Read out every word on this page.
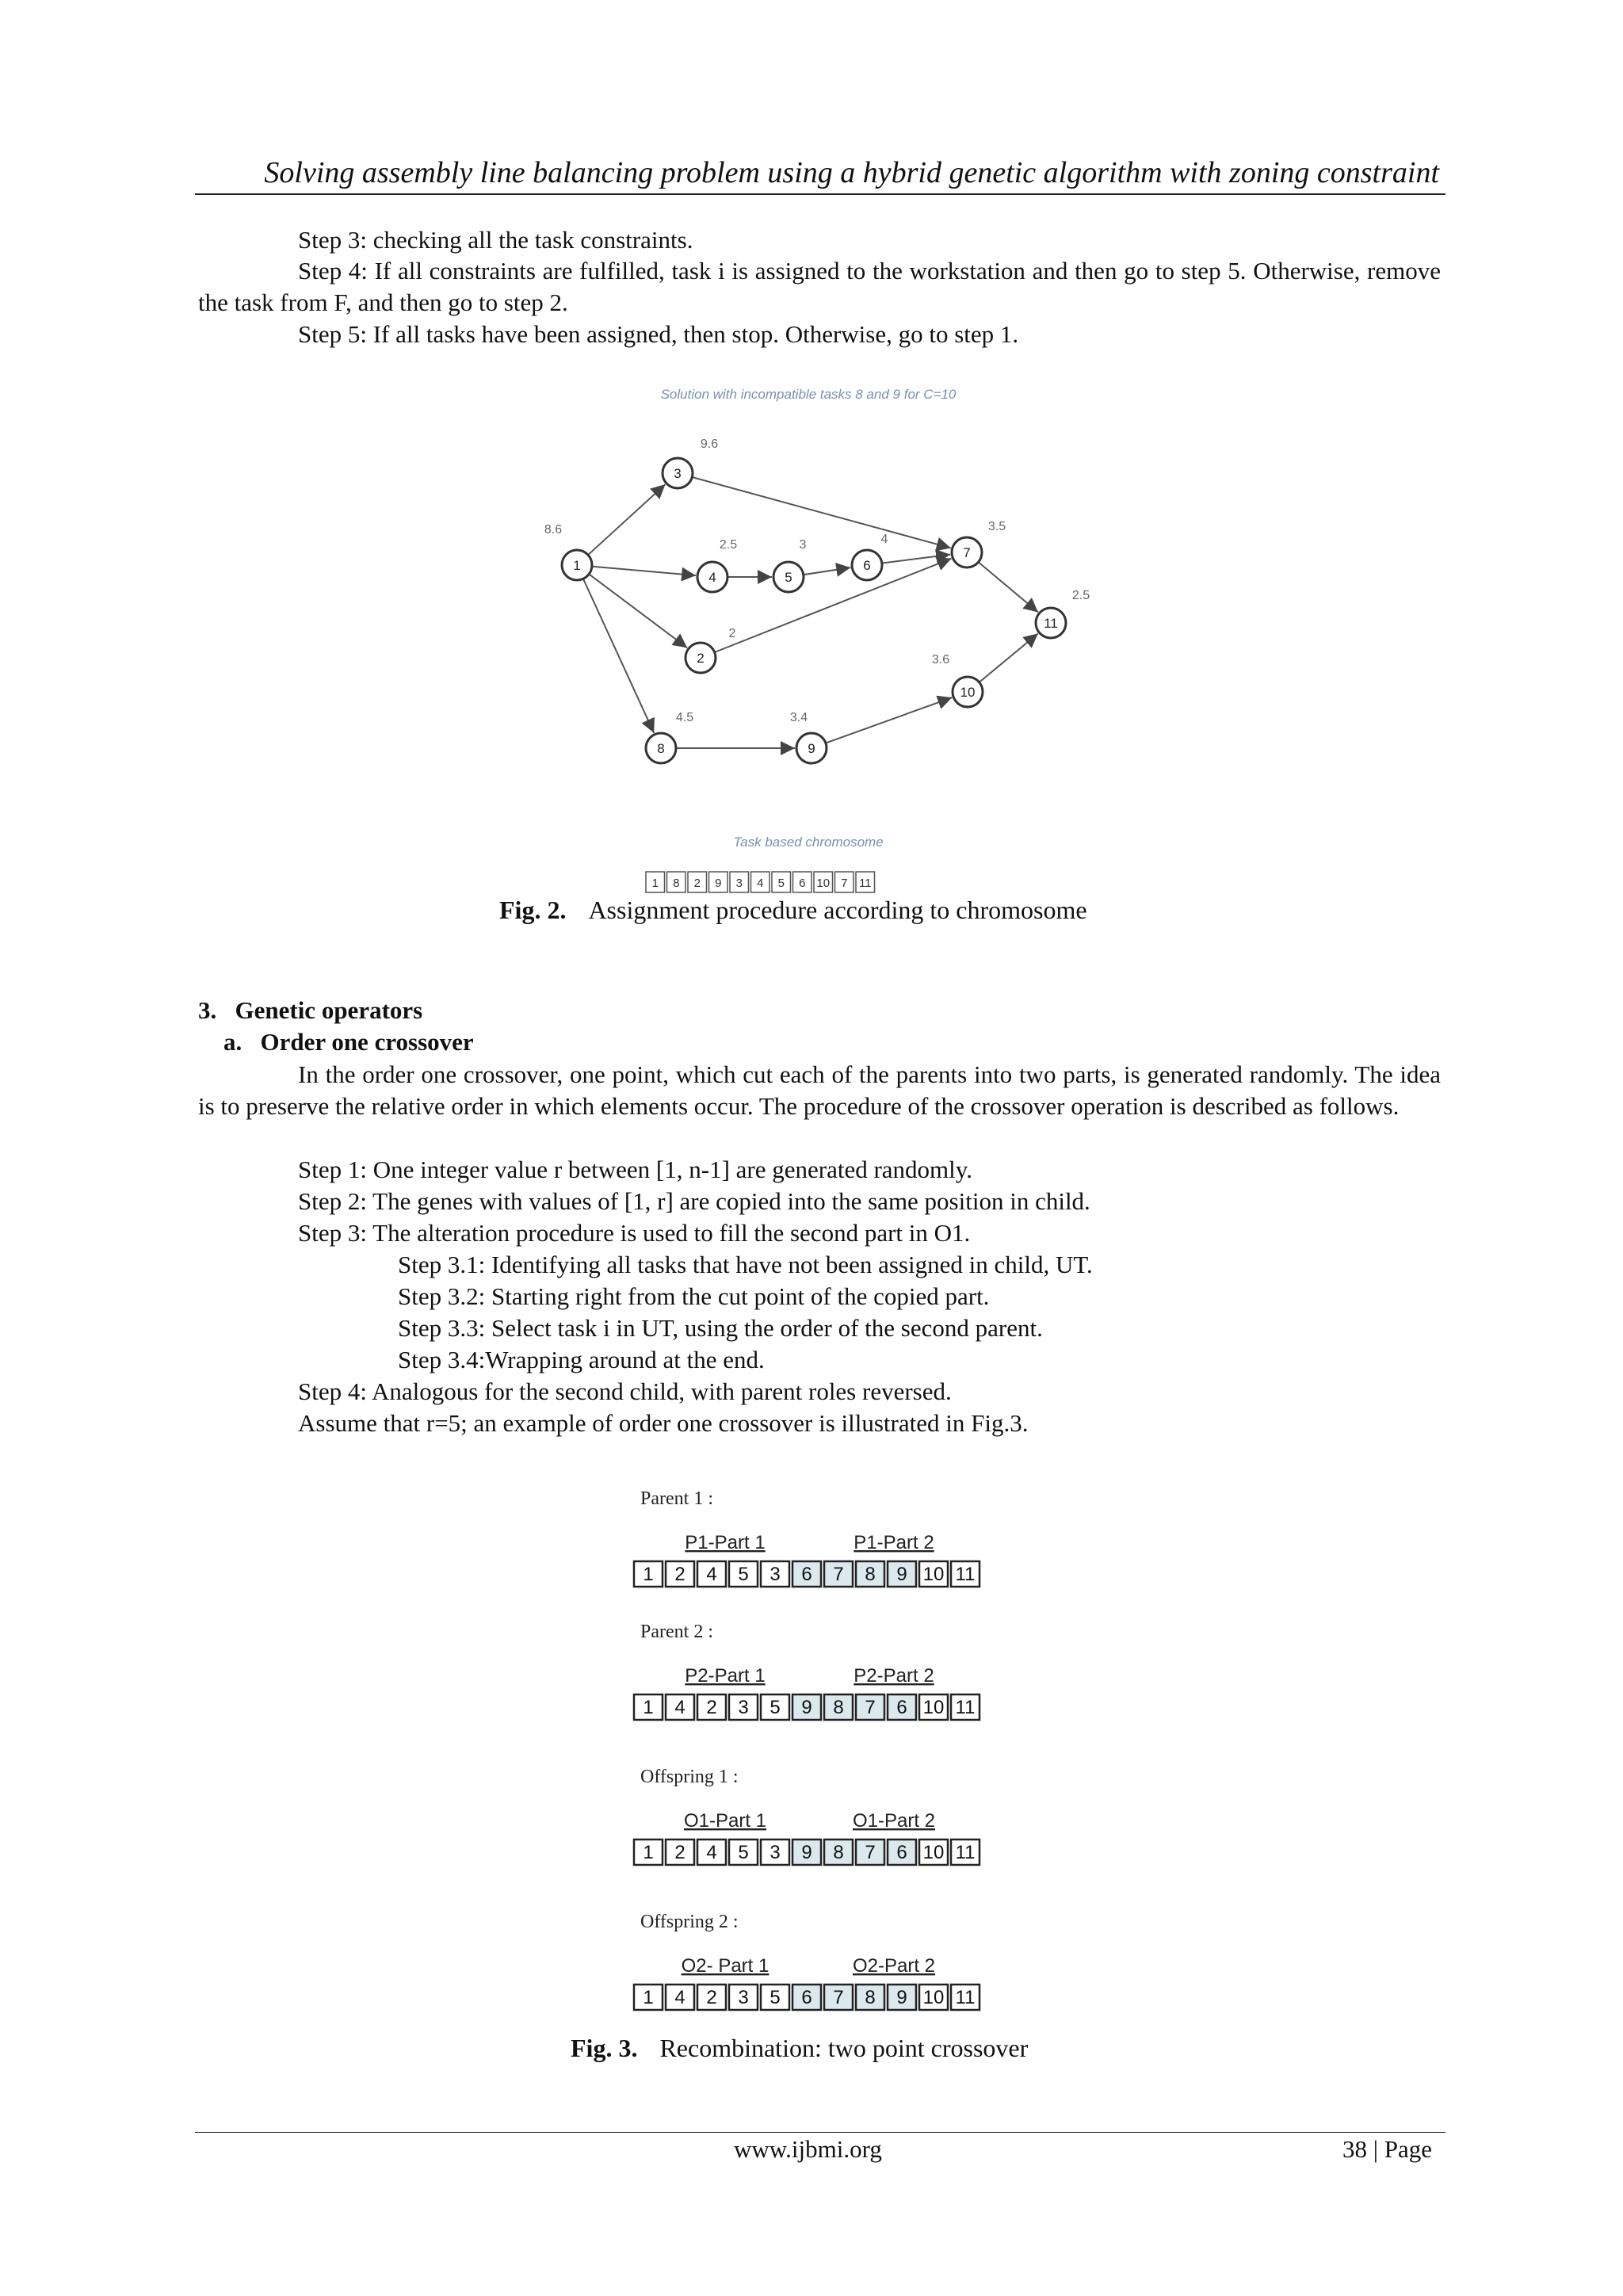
Solving assembly line balancing problem using a hybrid genetic algorithm with zoning constraint
Step 3: checking all the task constraints.
Step 4: If all constraints are fulfilled, task i is assigned to the workstation and then go to step 5. Otherwise, remove the task from F, and then go to step 2.
Step 5: If all tasks have been assigned, then stop. Otherwise, go to step 1.
Solution with incompatible tasks 8 and 9 for C=10
1
8.6
3
9.6
4
2.5
5
3
6
4
7
3.5
2
2
8
4.5
9
3.4
10
3.6
11
2.5
Task based chromosome
1 8 2 9 3 4 5 6 10 7 11
Fig. 2. Assignment procedure according to chromosome
3.   Genetic operators
a.   Order one crossover
In the order one crossover, one point, which cut each of the parents into two parts, is generated randomly. The idea is to preserve the relative order in which elements occur. The procedure of the crossover operation is described as follows.
Step 1: One integer value r between [1, n-1] are generated randomly.
Step 2: The genes with values of [1, r] are copied into the same position in child.
Step 3: The alteration procedure is used to fill the second part in O1.
Step 3.1: Identifying all tasks that have not been assigned in child, UT.
Step 3.2: Starting right from the cut point of the copied part.
Step 3.3: Select task i in UT, using the order of the second parent.
Step 3.4:Wrapping around at the end.
Step 4: Analogous for the second child, with parent roles reversed.
Assume that r=5; an example of order one crossover is illustrated in Fig.3.
Parent 1 :
P1-Part 1	P1-Part 2
1 2 4 5 3 6 7 8 9 10 11
Parent 2 :
P2-Part 1	P2-Part 2
1 4 2 3 5 9 8 7 6 10 11
Offspring 1 :
O1-Part 1	O1-Part 2
1 2 4 5 3 9 8 7 6 10 11
Offspring 2 :
O2- Part 1	O2-Part 2
1 4 2 3 5 6 7 8 9 10 11
Fig. 3. Recombination: two point crossover
www.ijbmi.org	38 | Page
